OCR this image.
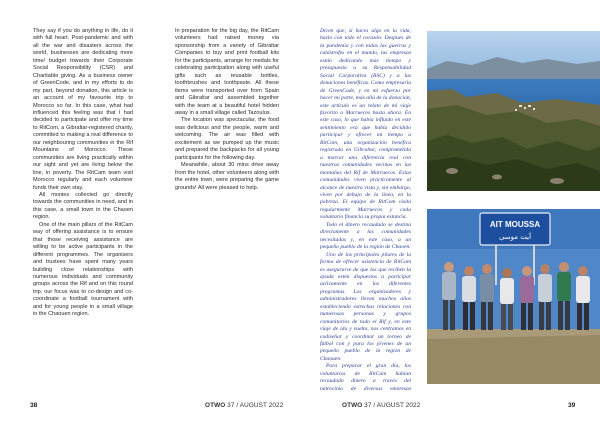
They say if you do anything in life, do it with full heart. Post-pandemic and with all the war and disasters across the world, businesses are dedicating more time/ budget towards their Corporate Social Responsibility (CSR) and Charitable giving. As a business owner of GreenCode, and in my efforts to do my part, beyond donation, this article is an account of my favourite trip to Morocco so far. In this case, what had influenced this feeling was that I had decided to participate and offer my time to RitCom, a Gibraltar-registered charity, committed to making a real difference to our neighbouring communities in the Rif Mountains of Morocco. These communities are living practically within our sight and yet are living below the line, in poverty. The RitCam team visit Morocco regularly and each volunteer funds their own stay.

All monies collected go directly towards the communities in need, and in this case, a small town in the Chaoen region.

One of the main pillars of the RitCam way of offering assistance is to ensure that those receiving assistance are willing to be active participants in the different programmes. The organisers and trustees have spent many years building close relationships with numerous individuals and community groups across the Rif and on this round trip, our focus was to co-design and co-coordinate a football tournament with and for young people in a small village in the Chaouen region.

In preparation for the big day, the RitCam volunteers had raised money via sponsorship from a variety of Gibraltar Companies to buy and print football kits for the participants, arrange for medals for celebrating participation along with useful gifts such as reusable bottles, toothbrushes and toothpaste. All these items were transported over from Spain and Gibraltar and assembled together with the team at a beautiful hotel hidden away in a small village called Tazoulus.

The location was spectacular, the food was delicious and the people, warm and welcoming. The air was filled with excitement as we pumped up the music and prepared the backpacks for all young participants for the following day.

Meanwhile, about 30 mins drive away from the hotel, other volunteers along with the entire town, were preparing the game grounds! All were pleased to help.

Dicen que, si haces algo en la vida, hazlo con todo el corazón. Después de la pandemia y con todas las guerras y catástrofes en el mundo, las empresas están dedicando más tiempo y presupuesto a su Responsabilidad Social Corporativa (RSC) y a las donaciones benéficas. Como empresaria de GreenCode, y en mi esfuerzo por hacer mi parte, más allá de la donación, este artículo es un relato de mi viaje favorito a Marruecos hasta ahora. En este caso, lo que había influido en este sentimiento era que había decidido participar y ofrecer mi tiempo a RitCom, una organización benéfica registrada en Gibraltar, comprometida a marcar una diferencia real con nuestras comunidades vecinas en las montañas del Rif de Marruecos. Estas comunidades viven prácticamente al alcance de nuestra vista y, sin embargo, viven por debajo de la línea, en la pobreza. El equipo de RitCom visita regularmente Marruecos y cada voluntario financia su propia estancia.

Todo el dinero recaudado se destina directamente a las comunidades necesitadas y, en este caso, a un pequeño pueblo de la región de Chaoen.

Uno de los principales pilares de la forma de ofrecer asistencia de RitCam es asegurarse de que los que reciben la ayuda estén dispuestos a participar activamente en los diferentes programas. Los organizadores y administradores llevan muchos años estableciendo estrechas relaciones con numerosas personas y grupos comunitarios de todo el Rif y, en este viaje de ida y vuelta, nos centramos en codiseñar y coordinar un torneo de fútbol con y para los jóvenes de un pequeño pueblo de la región de Chaouen.

Para preparar el gran día, los voluntarios de RitCam habían recaudado dinero a través del patrocinio de diversas empresas

AIT MOUSSA
آيت موسى
38	OTWO 37 / AUGUST 2022	OTWO 37 / AUGUST 2022	39
